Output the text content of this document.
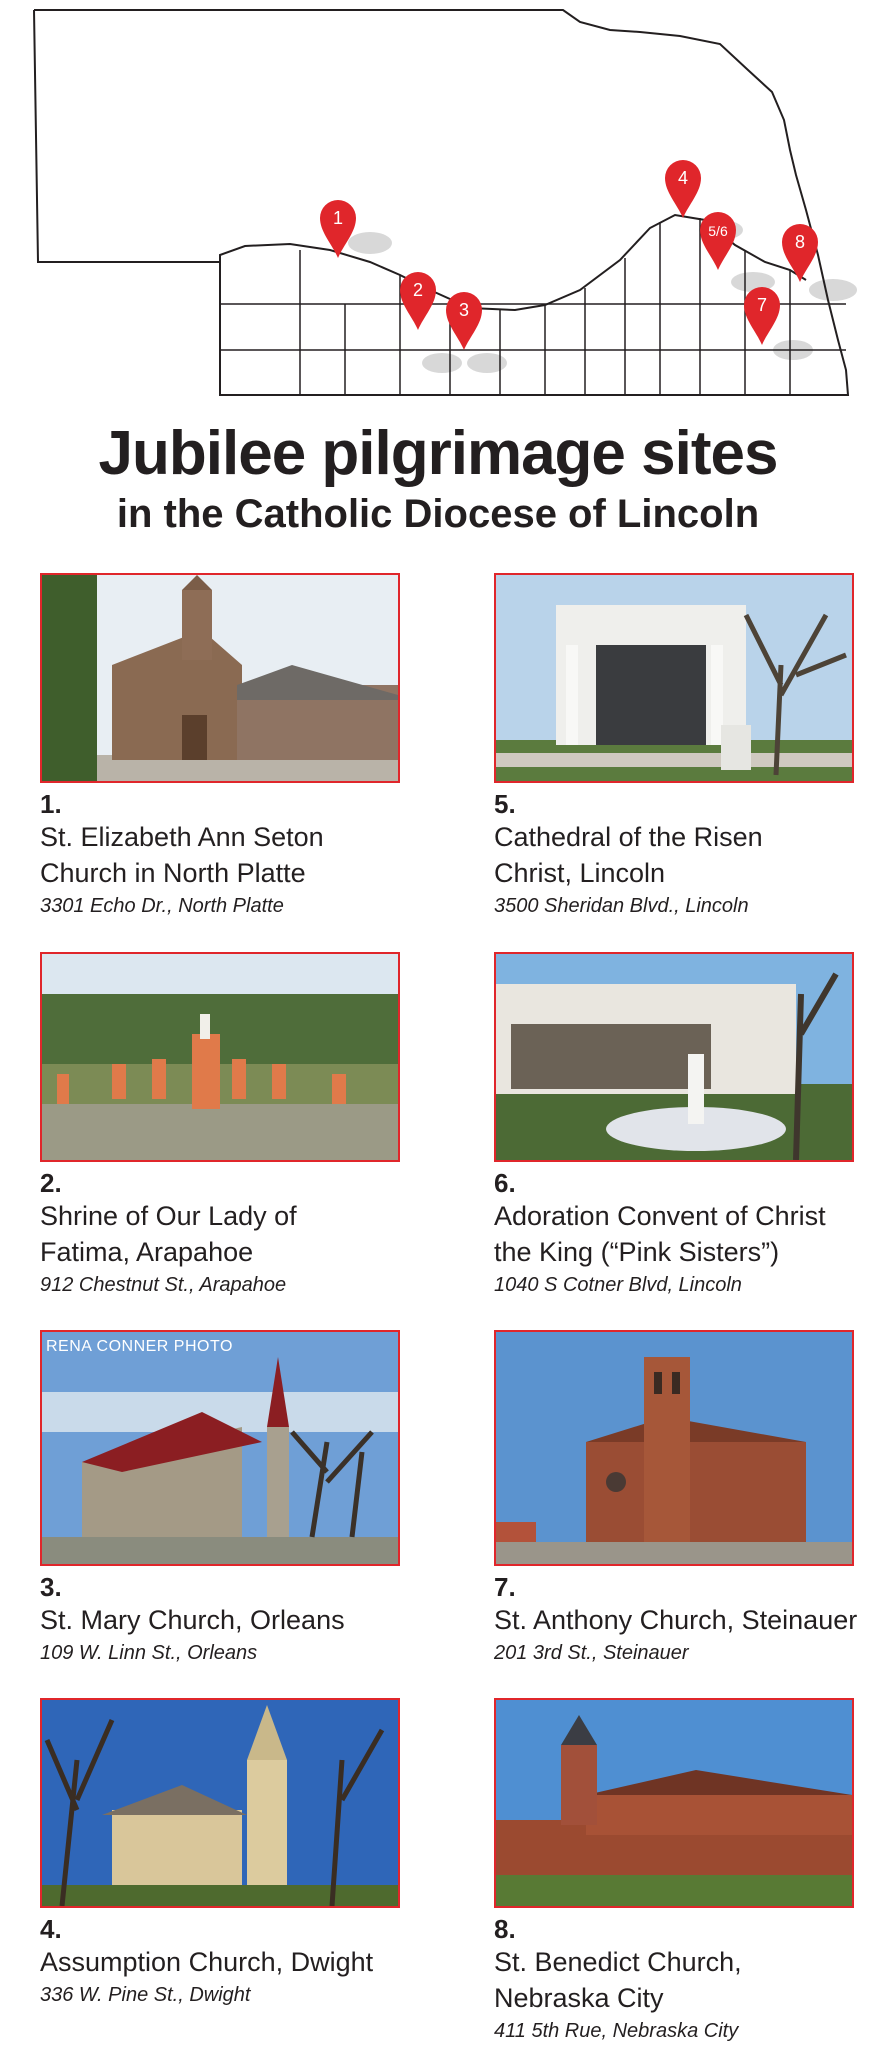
1
2
3
4
5/6
8
7
Jubilee pilgrimage sites
in the Catholic Diocese of Lincoln
1.
St. Elizabeth Ann Seton
Church in North Platte
3301 Echo Dr., North Platte
5.
Cathedral of the Risen
Christ, Lincoln
3500 Sheridan Blvd., Lincoln
2.
Shrine of Our Lady of
Fatima, Arapahoe
912 Chestnut St., Arapahoe
6.
Adoration Convent of Christ
the King (“Pink Sisters”)
1040 S Cotner Blvd, Lincoln
RENA CONNER PHOTO
3.
St. Mary Church, Orleans
109 W. Linn St., Orleans
7.
St. Anthony Church, Steinauer
201 3rd St., Steinauer
4.
Assumption Church, Dwight
336 W. Pine St., Dwight
8.
St. Benedict Church,
Nebraska City
411 5th Rue, Nebraska City
